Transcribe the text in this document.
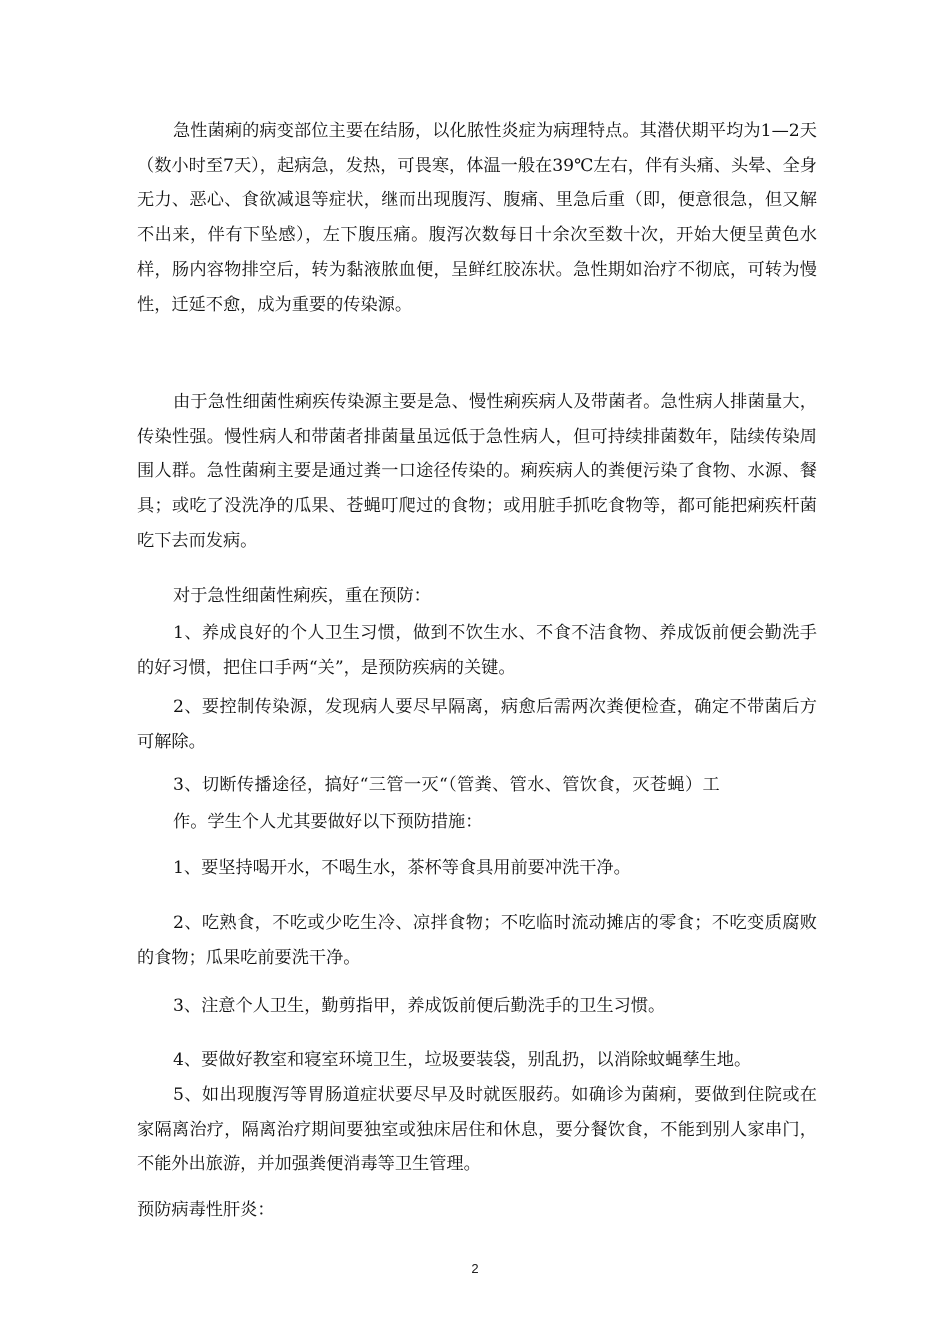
急性菌痢的病变部位主要在结肠，以化脓性炎症为病理特点。其潜伏期平均为1—2天（数小时至7天），起病急，发热，可畏寒，体温一般在39℃左右，伴有头痛、头晕、全身无力、恶心、食欲减退等症状，继而出现腹泻、腹痛、里急后重（即，便意很急，但又解不出来，伴有下坠感），左下腹压痛。腹泻次数每日十余次至数十次，开始大便呈黄色水样，肠内容物排空后，转为黏液脓血便，呈鲜红胶冻状。急性期如治疗不彻底，可转为慢性，迁延不愈，成为重要的传染源。

由于急性细菌性痢疾传染源主要是急、慢性痢疾病人及带菌者。急性病人排菌量大，传染性强。慢性病人和带菌者排菌量虽远低于急性病人，但可持续排菌数年，陆续传染周围人群。急性菌痢主要是通过粪一口途径传染的。痢疾病人的粪便污染了食物、水源、餐具；或吃了没洗净的瓜果、苍蝇叮爬过的食物；或用脏手抓吃食物等，都可能把痢疾杆菌吃下去而发病。

对于急性细菌性痢疾，重在预防：

1、养成良好的个人卫生习惯，做到不饮生水、不食不洁食物、养成饭前便会勤洗手的好习惯，把住口手两“关”，是预防疾病的关键。

2、要控制传染源，发现病人要尽早隔离，病愈后需两次粪便检查，确定不带菌后方可解除。

3、切断传播途径，搞好“三管一灭“（管粪、管水、管饮食，灭苍蝇）工

作。学生个人尤其要做好以下预防措施：

1、要坚持喝开水，不喝生水，茶杯等食具用前要冲洗干净。

2、吃熟食，不吃或少吃生冷、凉拌食物；不吃临时流动摊店的零食；不吃变质腐败的食物；瓜果吃前要洗干净。

3、注意个人卫生，勤剪指甲，养成饭前便后勤洗手的卫生习惯。

4、要做好教室和寝室环境卫生，垃圾要装袋，别乱扔，以消除蚊蝇孳生地。

5、如出现腹泻等胃肠道症状要尽早及时就医服药。如确诊为菌痢，要做到住院或在家隔离治疗，隔离治疗期间要独室或独床居住和休息，要分餐饮食，不能到别人家串门，不能外出旅游，并加强粪便消毒等卫生管理。

预防病毒性肝炎：

2
